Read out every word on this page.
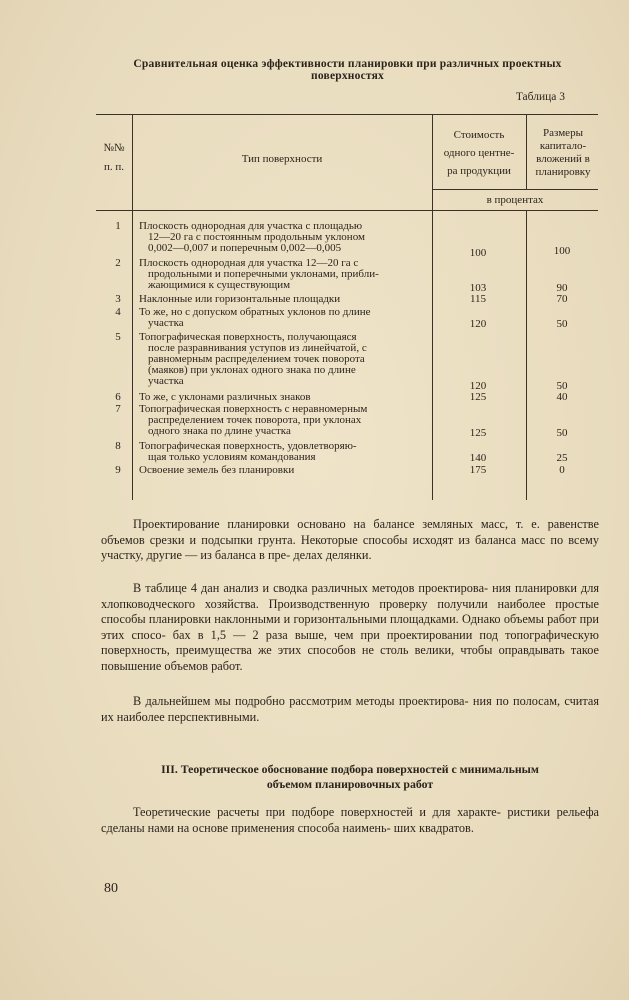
Сравнительная оценка эффективности планировки при различных проектных
поверхностях
Таблица 3
№№
п. п.
Тип поверхности
Стоимость
одного центне-
ра продукции
Размеры
капитало-
вложений в
планировку
в процентах
1	Плоскость однородная для участка с площадью
12—20 га с постоянным продольным уклоном
0,002—0,007 и поперечным 0,002—0,005	100	100
2	Плоскость однородная для участка 12—20 га с
продольными и поперечными уклонами, прибли-
жающимися к существующим	103	90
3	Наклонные или горизонтальные площадки	115	70
4	То же, но с допуском обратных уклонов по длине
участка	120	50
5	Топографическая поверхность, получающаяся
после разравнивания уступов из линейчатой, с
равномерным распределением точек поворота
(маяков) при уклонах одного знака по длине
участка	120	50
6	То же, с уклонами различных знаков	125	40
7	Топографическая поверхность с неравномерным
распределением точек поворота, при уклонах
одного знака по длине участка	125	50
8	Топографическая поверхность, удовлетворяю-
щая только условиям командования	140	25
9	Освоение земель без планировки	175	0

Проектирование планировки основано на балансе земляных масс, т. е. равенстве объемов срезки и подсыпки грунта. Некоторые способы исходят из баланса масс по всему участку, другие — из баланса в пре- делах делянки.

В таблице 4 дан анализ и сводка различных методов проектирова- ния планировки для хлопководческого хозяйства. Производственную проверку получили наиболее простые способы планировки наклонными и горизонтальными площадками. Однако объемы работ при этих спосо- бах в 1,5 — 2 раза выше, чем при проектировании под топографическую поверхность, преимущества же этих способов не столь велики, чтобы оправдывать такое повышение объемов работ.

В дальнейшем мы подробно рассмотрим методы проектирова- ния по полосам, считая их наиболее перспективными.

III. Теоретическое обоснование подбора поверхностей с минимальным
объемом планировочных работ

Теоретические расчеты при подборе поверхностей и для характе- ристики рельефа сделаны нами на основе применения способа наимень- ших квадратов.

80
